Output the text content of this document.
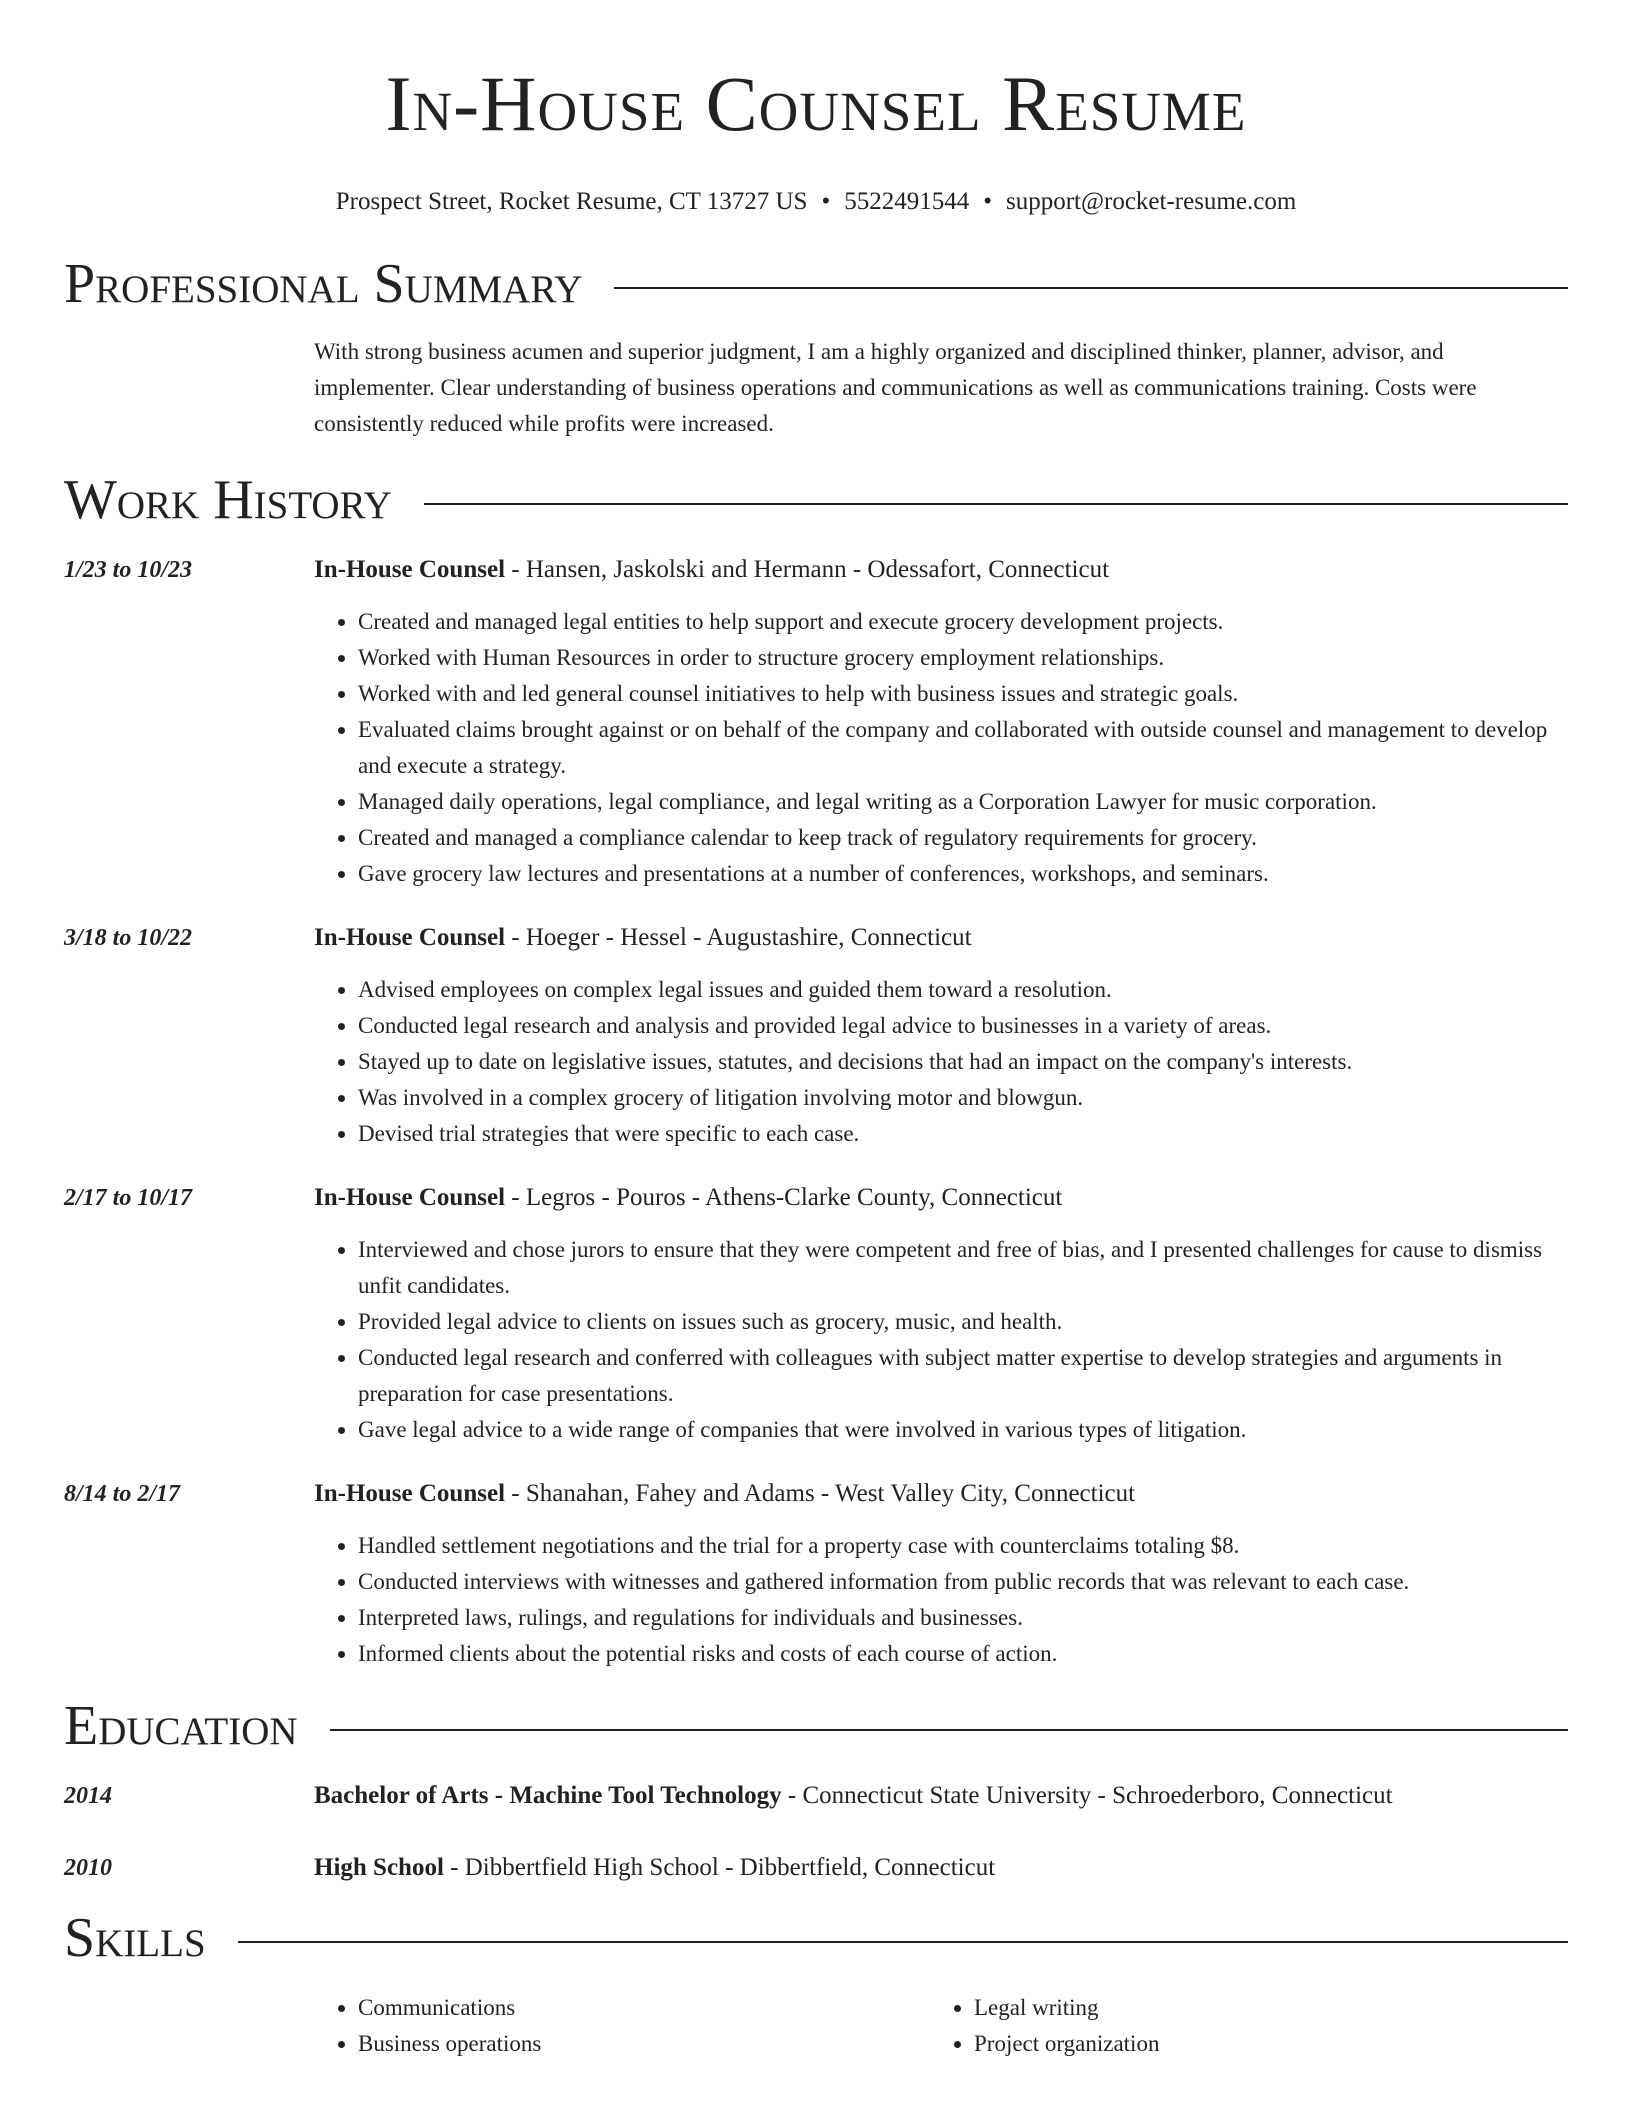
In-House Counsel Resume
Prospect Street, Rocket Resume, CT 13727 US • 5522491544 • support@rocket-resume.com
Professional Summary
With strong business acumen and superior judgment, I am a highly organized and disciplined thinker, planner, advisor, and implementer. Clear understanding of business operations and communications as well as communications training. Costs were consistently reduced while profits were increased.
Work History
1/23 to 10/23	In-House Counsel - Hansen, Jaskolski and Hermann - Odessafort, Connecticut
• Created and managed legal entities to help support and execute grocery development projects.
• Worked with Human Resources in order to structure grocery employment relationships.
• Worked with and led general counsel initiatives to help with business issues and strategic goals.
• Evaluated claims brought against or on behalf of the company and collaborated with outside counsel and management to develop and execute a strategy.
• Managed daily operations, legal compliance, and legal writing as a Corporation Lawyer for music corporation.
• Created and managed a compliance calendar to keep track of regulatory requirements for grocery.
• Gave grocery law lectures and presentations at a number of conferences, workshops, and seminars.
3/18 to 10/22	In-House Counsel - Hoeger - Hessel - Augustashire, Connecticut
• Advised employees on complex legal issues and guided them toward a resolution.
• Conducted legal research and analysis and provided legal advice to businesses in a variety of areas.
• Stayed up to date on legislative issues, statutes, and decisions that had an impact on the company's interests.
• Was involved in a complex grocery of litigation involving motor and blowgun.
• Devised trial strategies that were specific to each case.
2/17 to 10/17	In-House Counsel - Legros - Pouros - Athens-Clarke County, Connecticut
• Interviewed and chose jurors to ensure that they were competent and free of bias, and I presented challenges for cause to dismiss unfit candidates.
• Provided legal advice to clients on issues such as grocery, music, and health.
• Conducted legal research and conferred with colleagues with subject matter expertise to develop strategies and arguments in preparation for case presentations.
• Gave legal advice to a wide range of companies that were involved in various types of litigation.
8/14 to 2/17	In-House Counsel - Shanahan, Fahey and Adams - West Valley City, Connecticut
• Handled settlement negotiations and the trial for a property case with counterclaims totaling $8.
• Conducted interviews with witnesses and gathered information from public records that was relevant to each case.
• Interpreted laws, rulings, and regulations for individuals and businesses.
• Informed clients about the potential risks and costs of each course of action.
Education
2014	Bachelor of Arts - Machine Tool Technology - Connecticut State University - Schroederboro, Connecticut
2010	High School - Dibbertfield High School - Dibbertfield, Connecticut
Skills
• Communications
• Business operations
• Legal writing
• Project organization
